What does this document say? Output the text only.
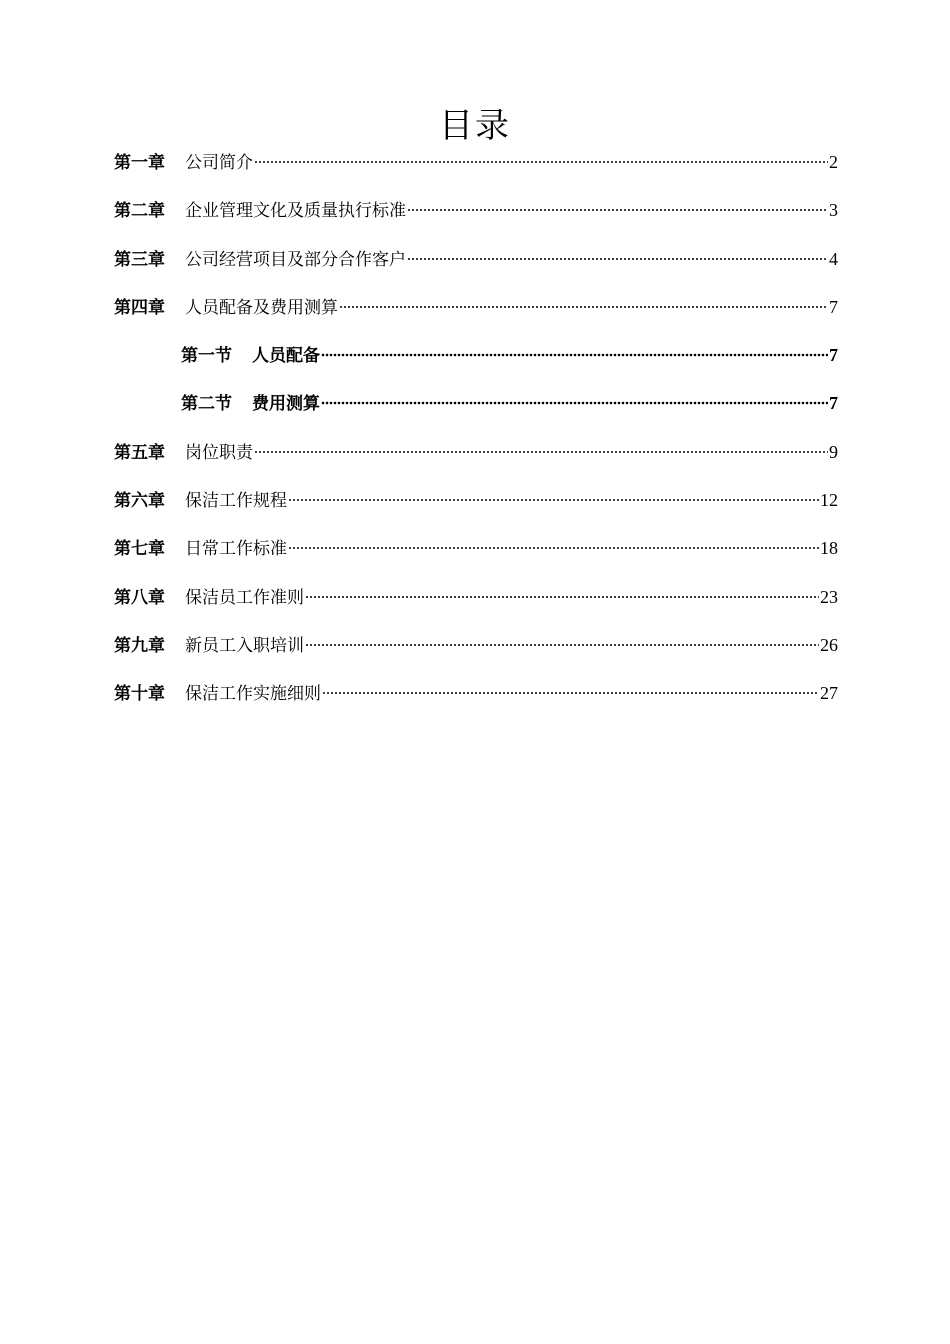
目录
第一章 公司简介	2
第二章 企业管理文化及质量执行标准	3
第三章 公司经营项目及部分合作客户	4
第四章 人员配备及费用测算	7
第一节 人员配备	7
第二节 费用测算	7
第五章 岗位职责	9
第六章 保洁工作规程	12
第七章 日常工作标准	18
第八章 保洁员工作准则	23
第九章 新员工入职培训	26
第十章 保洁工作实施细则	27
